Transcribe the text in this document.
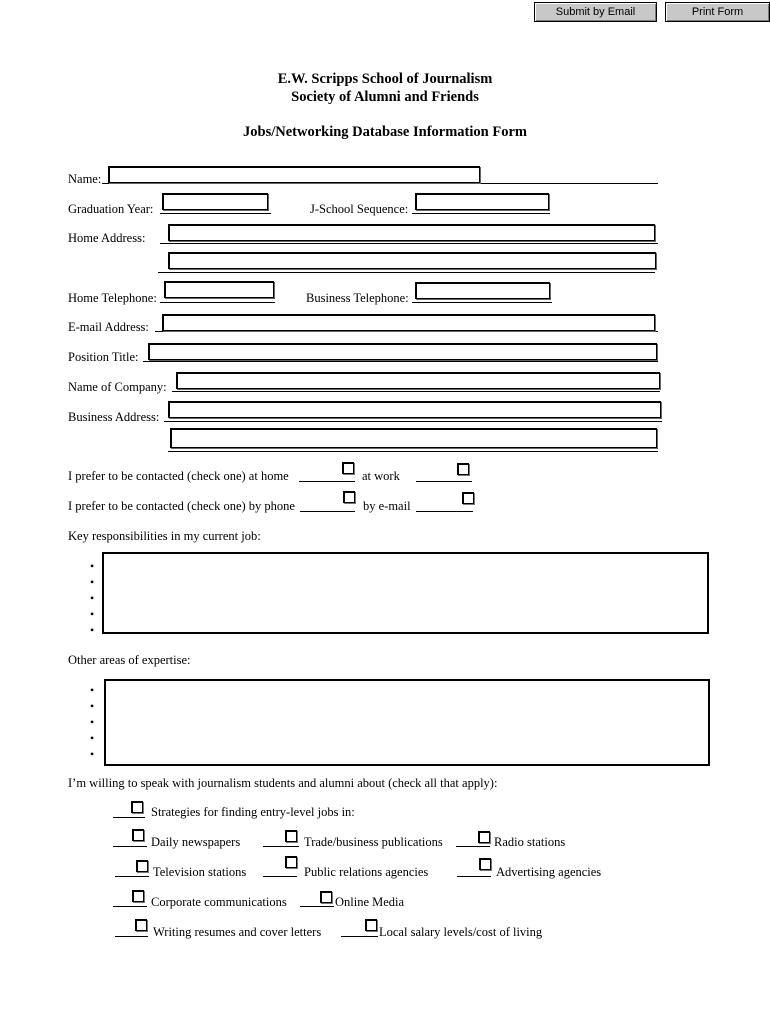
Submit by Email	Print Form
E.W. Scripps School of Journalism
Society of Alumni and Friends
Jobs/Networking Database Information Form
Name:
Graduation Year:	J-School Sequence:
Home Address:
Home Telephone:	Business Telephone:
E-mail Address:
Position Title:
Name of Company:
Business Address:
I prefer to be contacted (check one) at home	at work
I prefer to be contacted (check one) by phone	by e-mail
Key responsibilities in my current job:
•
•
•
•
•
Other areas of expertise:
•
•
•
•
•
I’m willing to speak with journalism students and alumni about (check all that apply):
Strategies for finding entry-level jobs in:
Daily newspapers	Trade/business publications	Radio stations
Television stations	Public relations agencies	Advertising agencies
Corporate communications	Online Media
Writing resumes and cover letters	Local salary levels/cost of living
